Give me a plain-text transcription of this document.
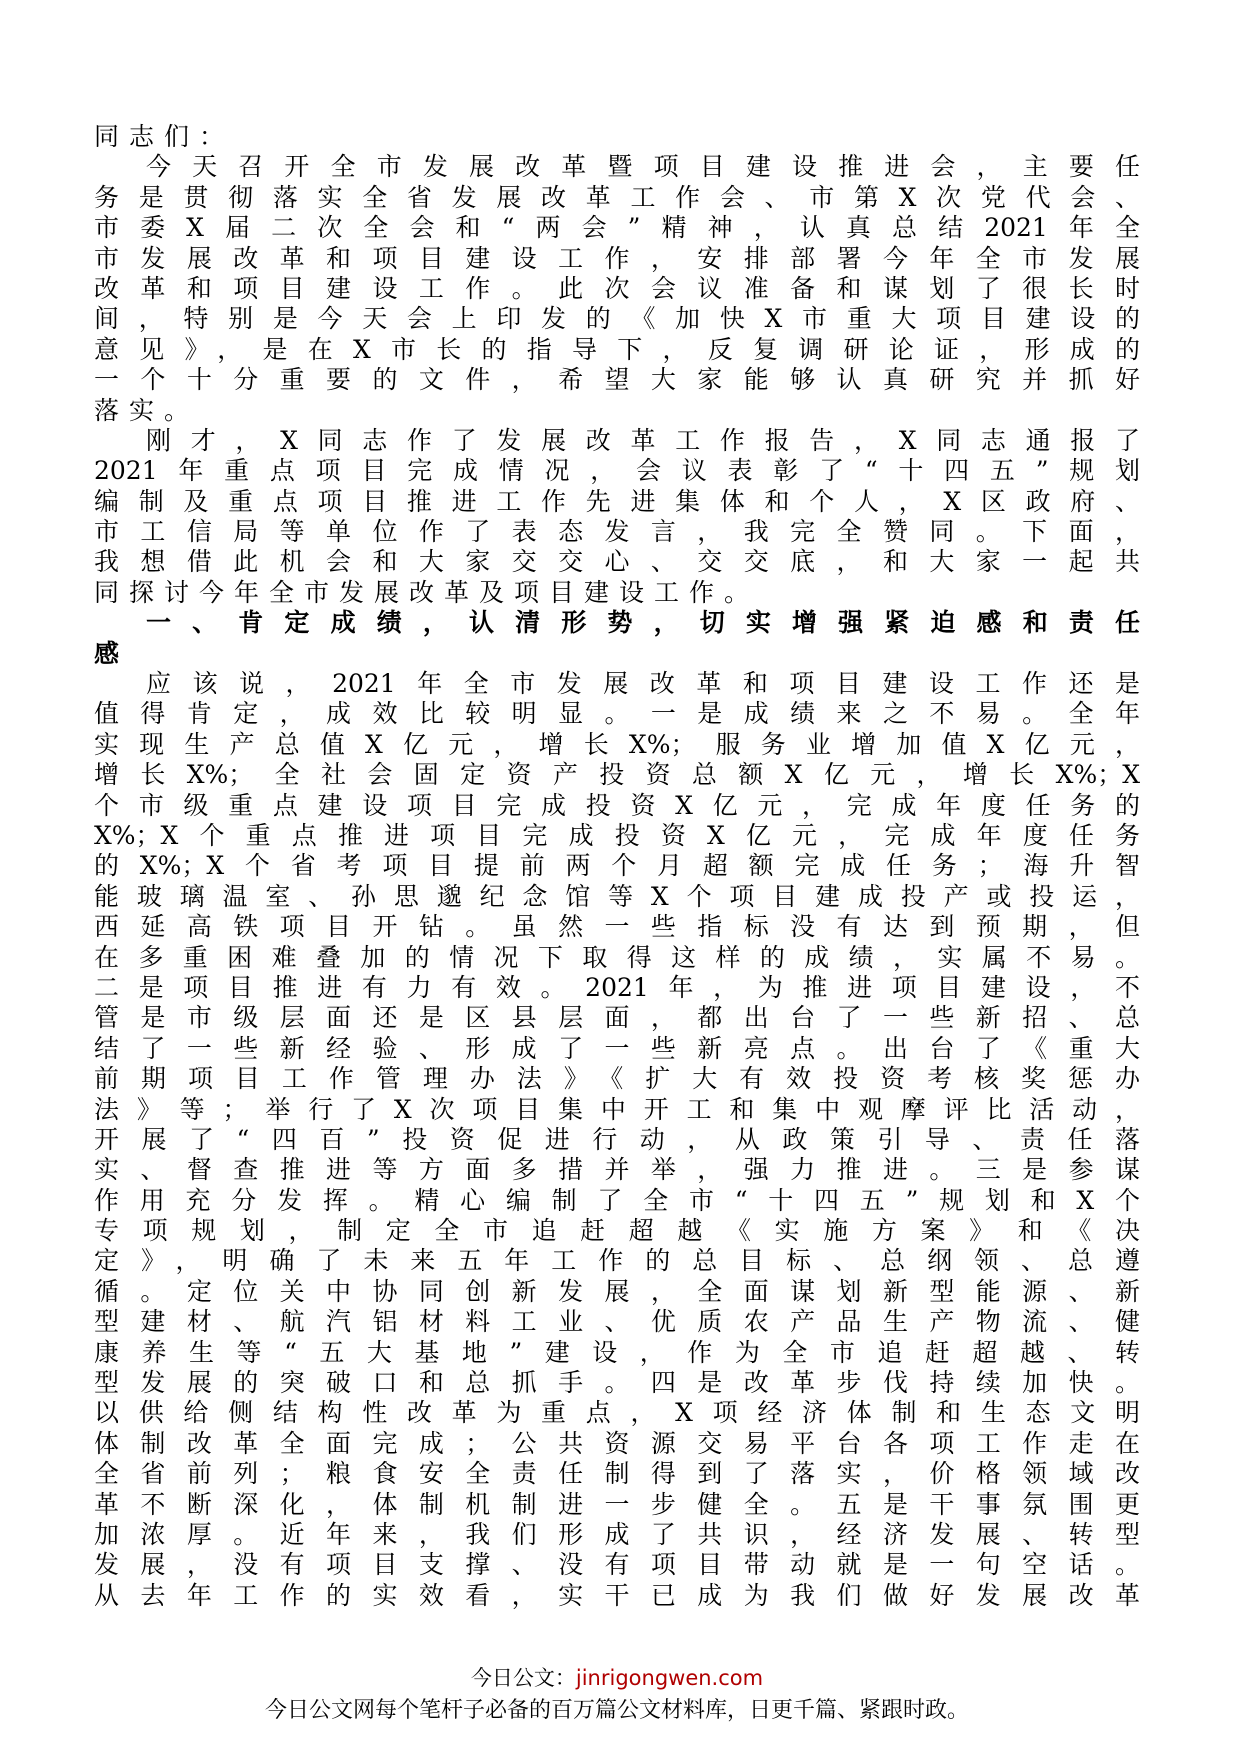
同志们：
今天召开全市发展改革暨项目建设推进会，主要任
务是贯彻落实全省发展改革工作会、市第X次党代会、
市委X届二次全会和“两会”精神，认真总结2021年全
市发展改革和项目建设工作，安排部署今年全市发展
改革和项目建设工作。此次会议准备和谋划了很长时
间，特别是今天会上印发的《加快X市重大项目建设的
意见》，是在X市长的指导下，反复调研论证，形成的
一个十分重要的文件，希望大家能够认真研究并抓好
落实。
刚才，X同志作了发展改革工作报告，X同志通报了
2021年重点项目完成情况，会议表彰了“十四五”规划
编制及重点项目推进工作先进集体和个人，X区政府、
市工信局等单位作了表态发言，我完全赞同。下面，
我想借此机会和大家交交心、交交底，和大家一起共
同探讨今年全市发展改革及项目建设工作。
一、肯定成绩，认清形势，切实增强紧迫感和责任
感
应该说，2021年全市发展改革和项目建设工作还是
值得肯定，成效比较明显。一是成绩来之不易。全年
实现生产总值X亿元，增长X%；服务业增加值X亿元，
增长X%；全社会固定资产投资总额X亿元，增长X%；X
个市级重点建设项目完成投资X亿元，完成年度任务的
X%；X个重点推进项目完成投资X亿元，完成年度任务
的X%；X个省考项目提前两个月超额完成任务；海升智
能玻璃温室、孙思邈纪念馆等X个项目建成投产或投运，
西延高铁项目开钻。虽然一些指标没有达到预期，但
在多重困难叠加的情况下取得这样的成绩，实属不易。
二是项目推进有力有效。2021年，为推进项目建设，不
管是市级层面还是区县层面，都出台了一些新招、总
结了一些新经验、形成了一些新亮点。出台了《重大
前期项目工作管理办法》《扩大有效投资考核奖惩办
法》等；举行了X次项目集中开工和集中观摩评比活动，
开展了“四百”投资促进行动，从政策引导、责任落
实、督查推进等方面多措并举，强力推进。三是参谋
作用充分发挥。精心编制了全市“十四五”规划和X个
专项规划，制定全市追赶超越《实施方案》和《决
定》，明确了未来五年工作的总目标、总纲领、总遵
循。定位关中协同创新发展，全面谋划新型能源、新
型建材、航汽铝材料工业、优质农产品生产物流、健
康养生等“五大基地”建设，作为全市追赶超越、转
型发展的突破口和总抓手。四是改革步伐持续加快。
以供给侧结构性改革为重点，X项经济体制和生态文明
体制改革全面完成；公共资源交易平台各项工作走在
全省前列；粮食安全责任制得到了落实，价格领域改
革不断深化，体制机制进一步健全。五是干事氛围更
加浓厚。近年来，我们形成了共识，经济发展、转型
发展，没有项目支撑、没有项目带动就是一句空话。
从去年工作的实效看，实干已成为我们做好发展改革
今日公文：jinrigongwen.com
今日公文网每个笔杆子必备的百万篇公文材料库，日更千篇、紧跟时政。
